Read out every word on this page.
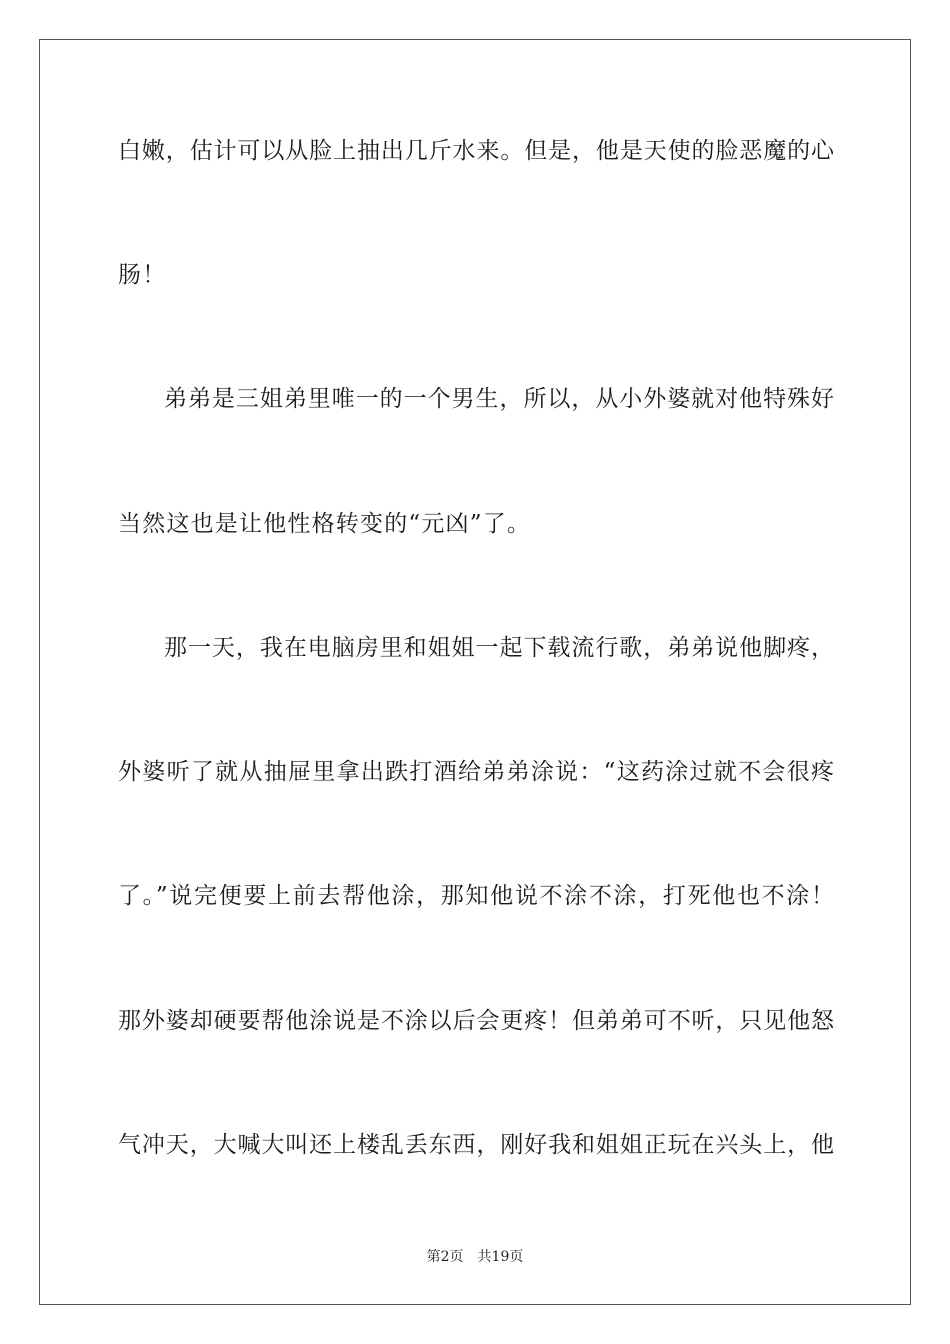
白嫩，估计可以从脸上抽出几斤水来。但是，他是天使的脸恶魔的心
肠！
弟弟是三姐弟里唯一的一个男生，所以，从小外婆就对他特殊好
当然这也是让他性格转变的“元凶”了。
那一天，我在电脑房里和姐姐一起下载流行歌，弟弟说他脚疼，
外婆听了就从抽屉里拿出跌打酒给弟弟涂说：“这药涂过就不会很疼
了。”说完便要上前去帮他涂，那知他说不涂不涂，打死他也不涂！
那外婆却硬要帮他涂说是不涂以后会更疼！但弟弟可不听，只见他怒
气冲天，大喊大叫还上楼乱丢东西，刚好我和姐姐正玩在兴头上，他
第2页 共19页
